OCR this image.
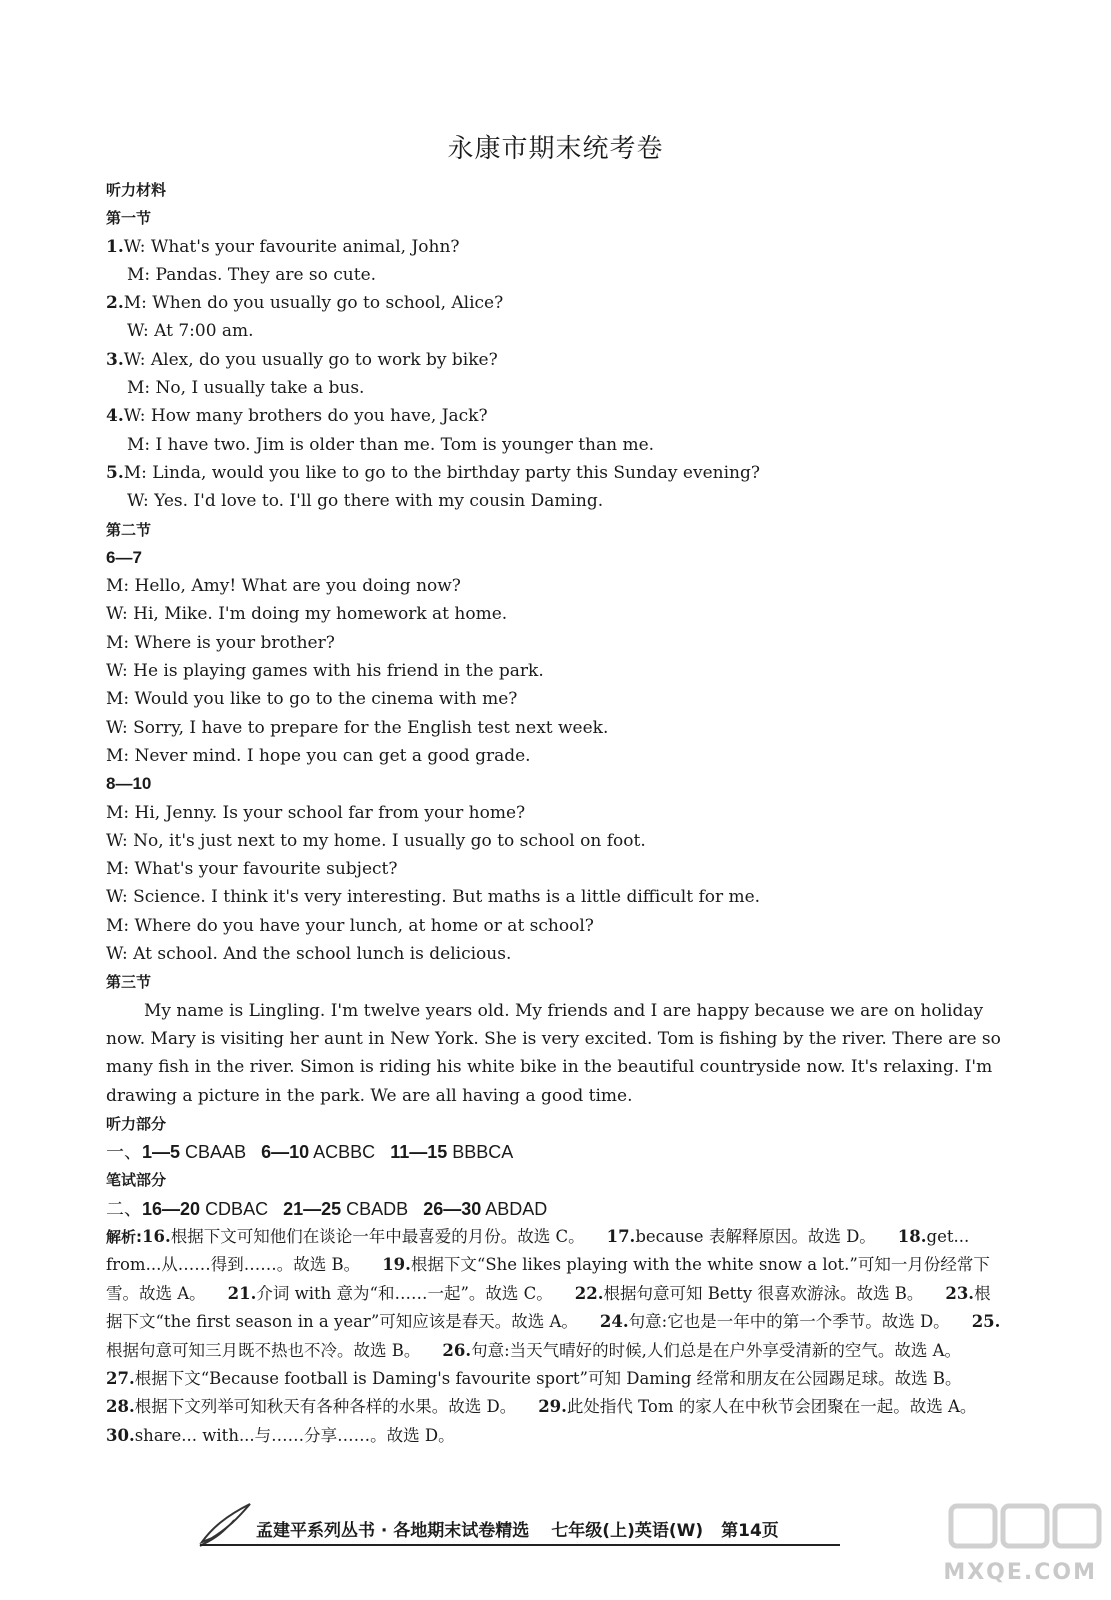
永康市期末统考卷
听力材料
第一节
1.W: What's your favourite animal, John?
M: Pandas. They are so cute.
2.M: When do you usually go to school, Alice?
W: At 7:00 am.
3.W: Alex, do you usually go to work by bike?
M: No, I usually take a bus.
4.W: How many brothers do you have, Jack?
M: I have two. Jim is older than me. Tom is younger than me.
5.M: Linda, would you like to go to the birthday party this Sunday evening?
W: Yes. I'd love to. I'll go there with my cousin Daming.
第二节
6—7
M: Hello, Amy! What are you doing now?
W: Hi, Mike. I'm doing my homework at home.
M: Where is your brother?
W: He is playing games with his friend in the park.
M: Would you like to go to the cinema with me?
W: Sorry, I have to prepare for the English test next week.
M: Never mind. I hope you can get a good grade.
8—10
M: Hi, Jenny. Is your school far from your home?
W: No, it's just next to my home. I usually go to school on foot.
M: What's your favourite subject?
W: Science. I think it's very interesting. But maths is a little difficult for me.
M: Where do you have your lunch, at home or at school?
W: At school. And the school lunch is delicious.
第三节
My name is Lingling. I'm twelve years old. My friends and I are happy because we are on holiday now. Mary is visiting her aunt in New York. She is very excited. Tom is fishing by the river. There are so many fish in the river. Simon is riding his white bike in the beautiful countryside now. It's relaxing. I'm drawing a picture in the park. We are all having a good time.
听力部分
一、1—5 CBAAB 6—10 ACBBC 11—15 BBBCA
笔试部分
二、16—20 CDBAC 21—25 CBADB 26—30 ABDAD
解析:16.根据下文可知他们在谈论一年中最喜爱的月份。故选 C。 17.because 表解释原因。故选 D。 18.get... from...从……得到……。故选 B。 19.根据下文“She likes playing with the white snow a lot.”可知一月份经常下雪。故选 A。 21.介词 with 意为“和……一起”。故选 C。 22.根据句意可知 Betty 很喜欢游泳。故选 B。 23.根据下文“the first season in a year”可知应该是春天。故选 A。 24.句意:它也是一年中的第一个季节。故选 D。 25.根据句意可知三月既不热也不冷。故选 B。 26.句意:当天气晴好的时候,人们总是在户外享受清新的空气。故选 A。27.根据下文“Because football is Daming's favourite sport”可知 Daming 经常和朋友在公园踢足球。故选 B。28.根据下文列举可知秋天有各种各样的水果。故选 D。 29.此处指代 Tom 的家人在中秋节会团聚在一起。故选 A。30.share... with...与……分享……。故选 D。
孟建平系列丛书 · 各地期末试卷精选 七年级(上)英语(W) 第14页
MXQE.COM
